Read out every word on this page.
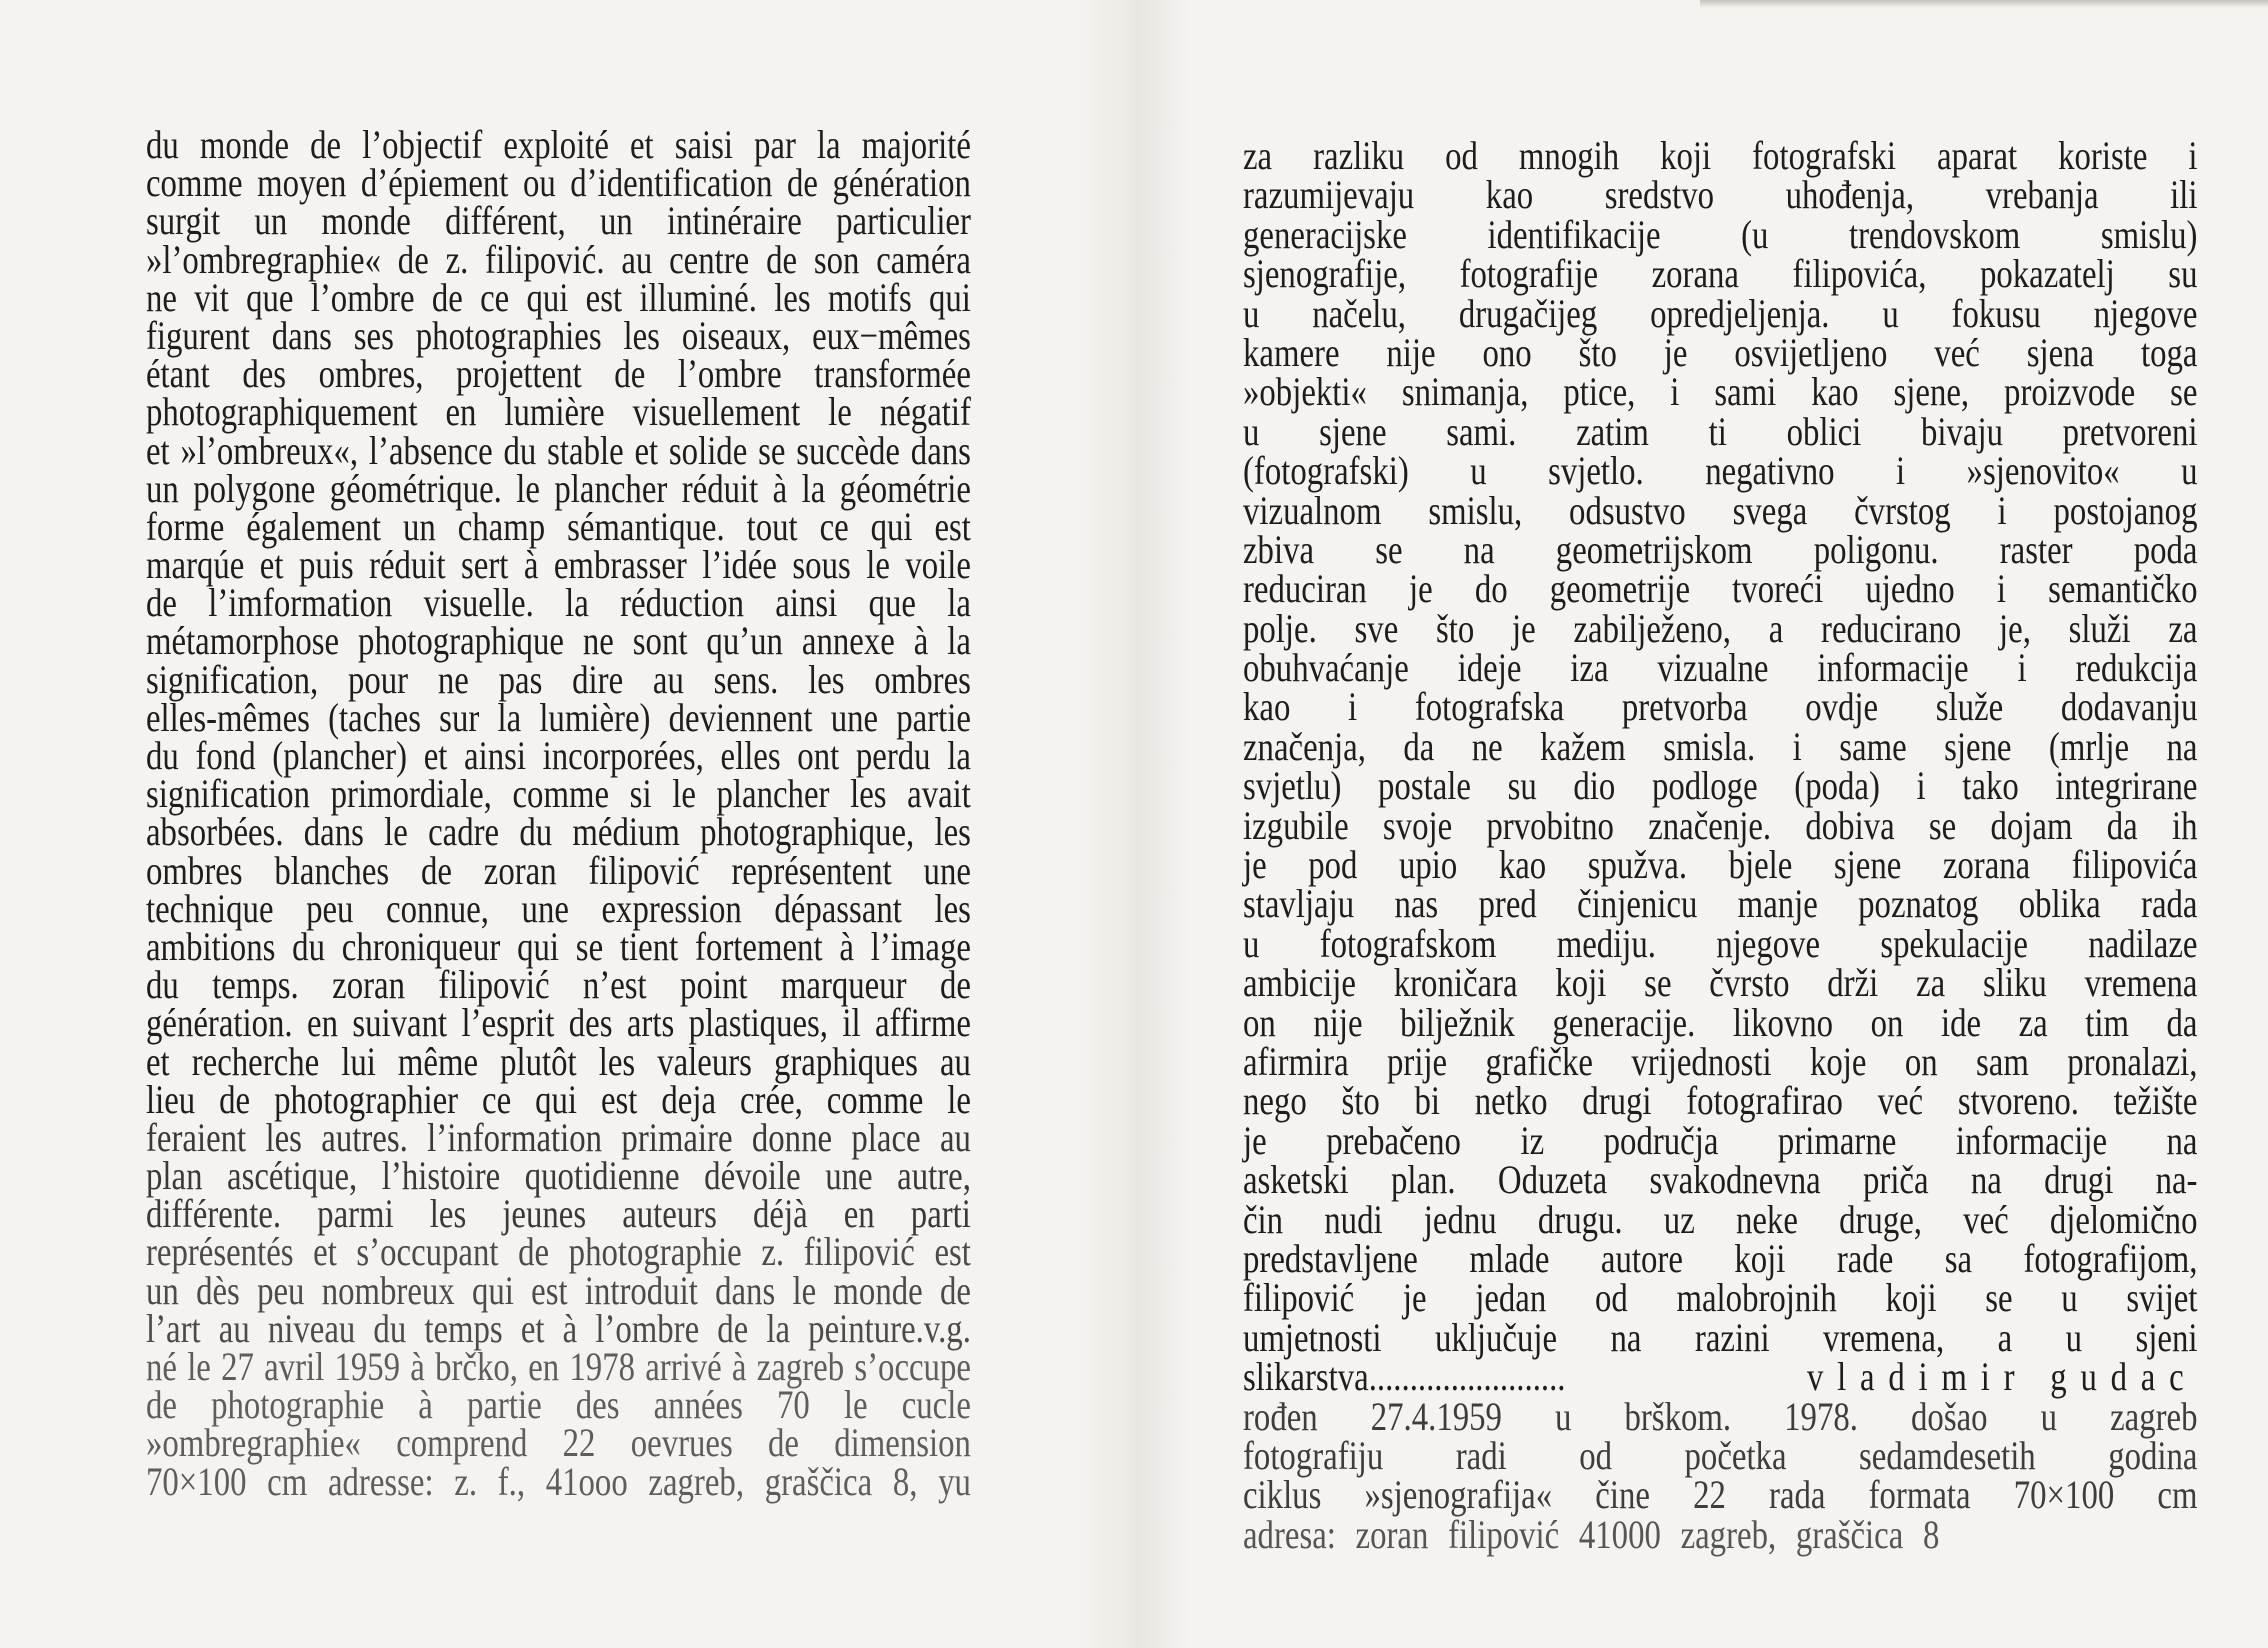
du monde de l’objectif exploité et saisi par la majorité
comme moyen d’épiement ou d’identification de génération
surgit un monde différent, un intinéraire particulier
»l’ombregraphie« de z. filipović. au centre de son caméra
ne vit que l’ombre de ce qui est illuminé. les motifs qui
figurent dans ses photographies les oiseaux, eux−mêmes
étant des ombres, projettent de l’ombre transformée
photographiquement en lumière visuellement le négatif
et »l’ombreux«, l’absence du stable et solide se succède dans
un polygone géométrique. le plancher réduit à la géométrie
forme également un champ sémantique. tout ce qui est
marqúe et puis réduit sert à embrasser l’idée sous le voile
de l’imformation visuelle. la réduction ainsi que la
métamorphose photographique ne sont qu’un annexe à la
signification, pour ne pas dire au sens. les ombres
elles-mêmes (taches sur la lumière) deviennent une partie
du fond (plancher) et ainsi incorporées, elles ont perdu la
signification primordiale, comme si le plancher les avait
absorbées. dans le cadre du médium photographique, les
ombres blanches de zoran filipović représentent une
technique peu connue, une expression dépassant les
ambitions du chroniqueur qui se tient fortement à l’image
du temps. zoran filipović n’est point marqueur de
génération. en suivant l’esprit des arts plastiques, il affirme
et recherche lui même plutôt les valeurs graphiques au
lieu de photographier ce qui est deja crée, comme le
feraient les autres. l’information primaire donne place au
plan ascétique, l’histoire quotidienne dévoile une autre,
différente. parmi les jeunes auteurs déjà en parti
représentés et s’occupant de photographie z. filipović est
un dès peu nombreux qui est introduit dans le monde de
l’art au niveau du temps et à l’ombre de la peinture.v.g.
né le 27 avril 1959 à brčko, en 1978 arrivé à zagreb s’occupe
de photographie à partie des années 70 le cucle
»ombregraphie« comprend 22 oevrues de dimension
70×100 cm adresse: z. f., 41ooo zagreb, graščica 8, yu
za razliku od mnogih koji fotografski aparat koriste i
razumijevaju kao sredstvo uhođenja, vrebanja ili
generacijske identifikacije (u trendovskom smislu)
sjenografije, fotografije zorana filipovića, pokazatelj su
u načelu, drugačijeg opredjeljenja. u fokusu njegove
kamere nije ono što je osvijetljeno već sjena toga
»objekti« snimanja, ptice, i sami kao sjene, proizvode se
u sjene sami. zatim ti oblici bivaju pretvoreni
(fotografski) u svjetlo. negativno i »sjenovito« u
vizualnom smislu, odsustvo svega čvrstog i postojanog
zbiva se na geometrijskom poligonu. raster poda
reduciran je do geometrije tvoreći ujedno i semantičko
polje. sve što je zabilježeno, a reducirano je, služi za
obuhvaćanje ideje iza vizualne informacije i redukcija
kao i fotografska pretvorba ovdje služe dodavanju
značenja, da ne kažem smisla. i same sjene (mrlje na
svjetlu) postale su dio podloge (poda) i tako integrirane
izgubile svoje prvobitno značenje. dobiva se dojam da ih
je pod upio kao spužva. bjele sjene zorana filipovića
stavljaju nas pred činjenicu manje poznatog oblika rada
u fotografskom mediju. njegove spekulacije nadilaze
ambicije kroničara koji se čvrsto drži za sliku vremena
on nije bilježnik generacije. likovno on ide za tim da
afirmira prije grafičke vrijednosti koje on sam pronalazi,
nego što bi netko drugi fotografirao već stvoreno. težište
je prebačeno iz područja primarne informacije na
asketski plan. Oduzeta svakodnevna priča na drugi na-
čin nudi jednu drugu. uz neke druge, već djelomično
predstavljene mlade autore koji rade sa fotografijom,
filipović je jedan od malobrojnih koji se u svijet
umjetnosti uključuje na razini vremena, a u sjeni
slikarstva........................	vladimir gudac
rođen 27.4.1959 u brškom. 1978. došao u zagreb
fotografiju radi od početka sedamdesetih godina
ciklus »sjenografija« čine 22 rada formata 70×100 cm
adresa: zoran filipović 41000 zagreb, graščica 8
